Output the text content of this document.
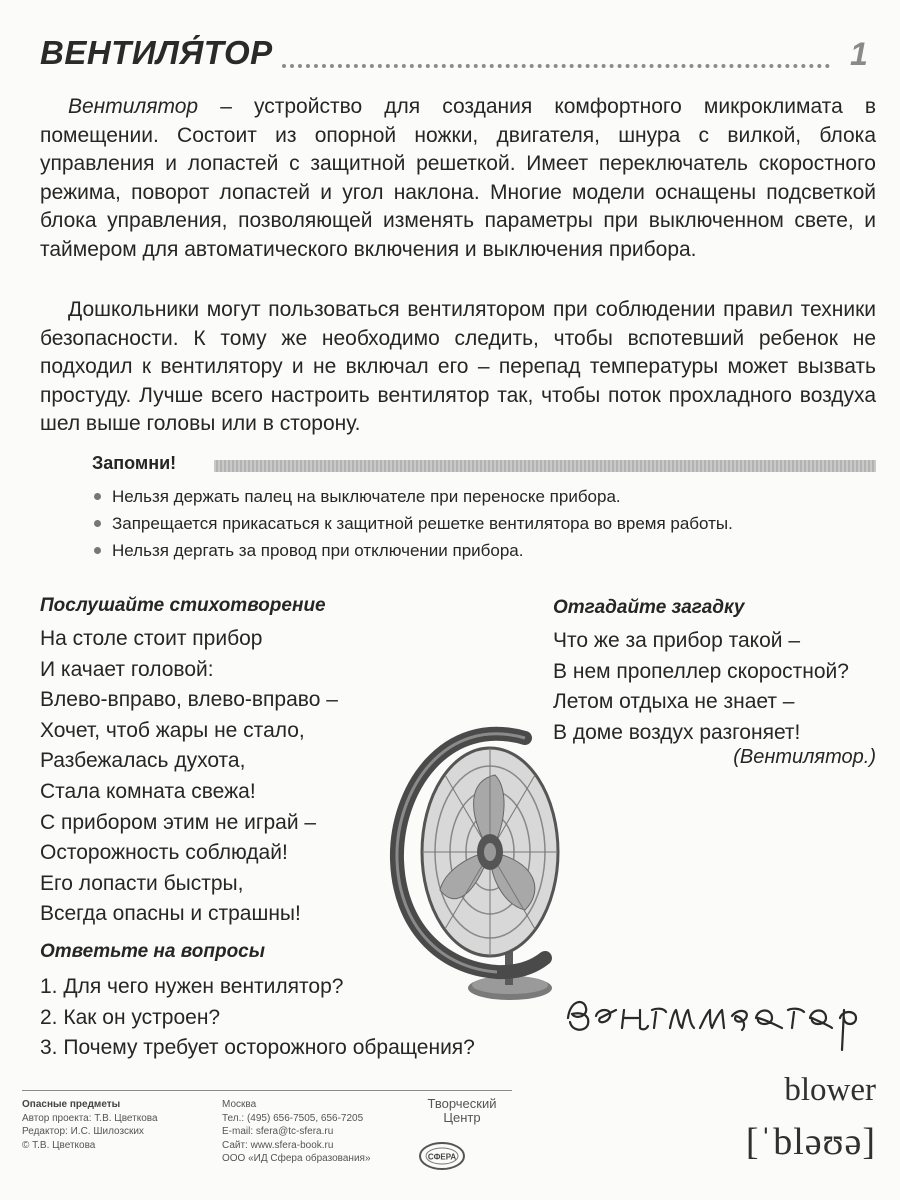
ВЕНТИЛЯ́ТОР	1
Вентилятор – устройство для создания комфортного микроклимата в помещении. Состоит из опорной ножки, двигателя, шнура с вилкой, блока управления и лопастей с защитной решеткой. Имеет переключатель скоростного режима, поворот лопастей и угол наклона. Многие модели оснащены подсветкой блока управления, позволяющей изменять параметры при выключенном свете, и таймером для автоматического включения и выключения прибора.
Дошкольники могут пользоваться вентилятором при соблюдении правил техники безопасности. К тому же необходимо следить, чтобы вспотевший ребенок не подходил к вентилятору и не включал его – перепад температуры может вызвать простуду. Лучше всего настроить вентилятор так, чтобы поток прохладного воздуха шел выше головы или в сторону.
Запомни!
Нельзя держать палец на выключателе при переноске прибора.
Запрещается прикасаться к защитной решетке вентилятора во время работы.
Нельзя дергать за провод при отключении прибора.
Послушайте стихотворение
На столе стоит прибор
И качает головой:
Влево-вправо, влево-вправо –
Хочет, чтоб жары не стало,
Разбежалась духота,
Стала комната свежа!
С прибором этим не играй –
Осторожность соблюдай!
Его лопасти быстры,
Всегда опасны и страшны!
Отгадайте загадку
Что же за прибор такой –
В нем пропеллер скоростной?
Летом отдыха не знает –
В доме воздух разгоняет!
(Вентилятор.)
Ответьте на вопросы
1. Для чего нужен вентилятор?
2. Как он устроен?
3. Почему требует осторожного обращения?
blower
[ˈbləʊə]
Опасные предметы
Автор проекта: Т.В. Цветкова
Редактор: И.С. Шилозских
© Т.В. Цветкова
Москва
Тел.: (495) 656-7505, 656-7205
E-mail: sfera@tc-sfera.ru
Сайт: www.sfera-book.ru
ООО «ИД Сфера образования»	СФЕРА
Творческий
Центр
